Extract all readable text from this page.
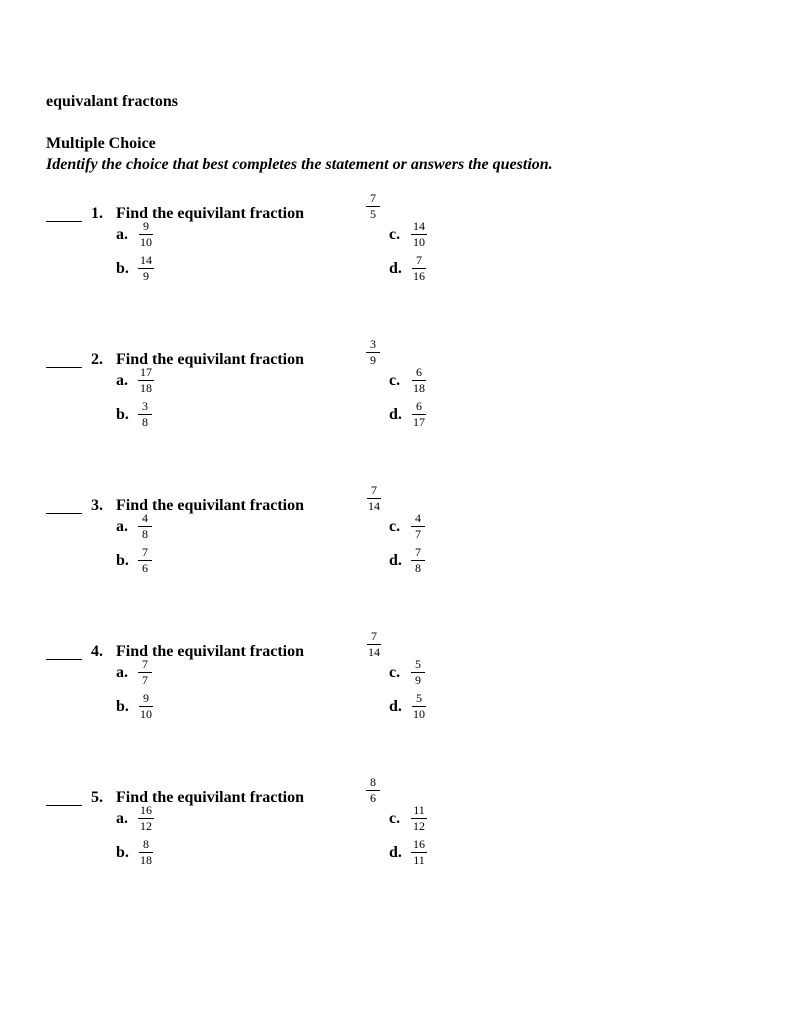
equivalant fractons
Multiple Choice
Identify the choice that best completes the statement or answers the question.
1. Find the equivilant fraction	$\frac{7}{5}$
a. $\frac{9}{10}$
b. $\frac{14}{9}$
c. $\frac{14}{10}$
d. $\frac{7}{16}$
2. Find the equivilant fraction	$\frac{3}{9}$
a. $\frac{17}{18}$
b. $\frac{3}{8}$
c. $\frac{6}{18}$
d. $\frac{6}{17}$
3. Find the equivilant fraction	$\frac{7}{14}$
a. $\frac{4}{8}$
b. $\frac{7}{6}$
c. $\frac{4}{7}$
d. $\frac{7}{8}$
4. Find the equivilant fraction	$\frac{7}{14}$
a. $\frac{7}{7}$
b. $\frac{9}{10}$
c. $\frac{5}{9}$
d. $\frac{5}{10}$
5. Find the equivilant fraction	$\frac{8}{6}$
a. $\frac{16}{12}$
b. $\frac{8}{18}$
c. $\frac{11}{12}$
d. $\frac{16}{11}$
